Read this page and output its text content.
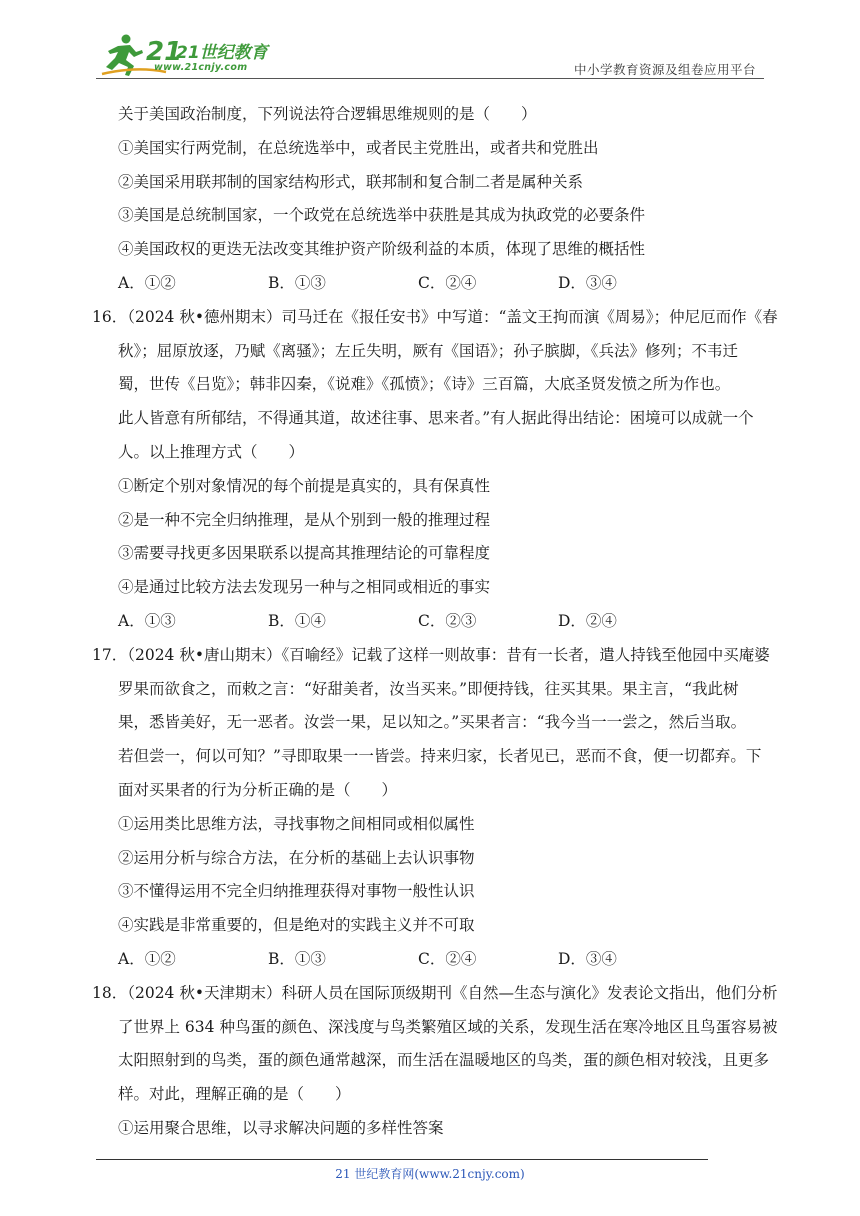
21
21世纪教育
www.21cnjy.com	中小学教育资源及组卷应用平台
关于美国政治制度，下列说法符合逻辑思维规则的是（　　）
①美国实行两党制，在总统选举中，或者民主党胜出，或者共和党胜出
②美国采用联邦制的国家结构形式，联邦制和复合制二者是属种关系
③美国是总统制国家，一个政党在总统选举中获胜是其成为执政党的必要条件
④美国政权的更迭无法改变其维护资产阶级利益的本质，体现了思维的概括性
A．①②	B．①③	C．②④	D．③④
16．（2024 秋•德州期末）司马迁在《报任安书》中写道：“盖文王拘而演《周易》；仲尼厄而作《春
秋》；屈原放逐，乃赋《离骚》；左丘失明，厥有《国语》；孙子膑脚，《兵法》修列；不韦迁
蜀，世传《吕览》；韩非囚秦，《说难》《孤愤》；《诗》三百篇，大底圣贤发愤之所为作也。
此人皆意有所郁结，不得通其道，故述往事、思来者。”有人据此得出结论：困境可以成就一个
人。以上推理方式（　　）
①断定个别对象情况的每个前提是真实的，具有保真性
②是一种不完全归纳推理，是从个别到一般的推理过程
③需要寻找更多因果联系以提高其推理结论的可靠程度
④是通过比较方法去发现另一种与之相同或相近的事实
A．①③	B．①④	C．②③	D．②④
17．（2024 秋•唐山期末）《百喻经》记载了这样一则故事：昔有一长者，遣人持钱至他园中买庵婆
罗果而欲食之，而敕之言：“好甜美者，汝当买来。”即便持钱，往买其果。果主言，“我此树
果，悉皆美好，无一恶者。汝尝一果，足以知之。”买果者言：“我今当一一尝之，然后当取。
若但尝一，何以可知？”寻即取果一一皆尝。持来归家，长者见已，恶而不食，便一切都弃。下
面对买果者的行为分析正确的是（　　）
①运用类比思维方法，寻找事物之间相同或相似属性
②运用分析与综合方法，在分析的基础上去认识事物
③不懂得运用不完全归纳推理获得对事物一般性认识
④实践是非常重要的，但是绝对的实践主义并不可取
A．①②	B．①③	C．②④	D．③④
18．（2024 秋•天津期末）科研人员在国际顶级期刊《自然—生态与演化》发表论文指出，他们分析
了世界上 634 种鸟蛋的颜色、深浅度与鸟类繁殖区域的关系，发现生活在寒冷地区且鸟蛋容易被
太阳照射到的鸟类，蛋的颜色通常越深，而生活在温暖地区的鸟类，蛋的颜色相对较浅，且更多
样。对此，理解正确的是（　　）
①运用聚合思维，以寻求解决问题的多样性答案
21 世纪教育网(www.21cnjy.com)
